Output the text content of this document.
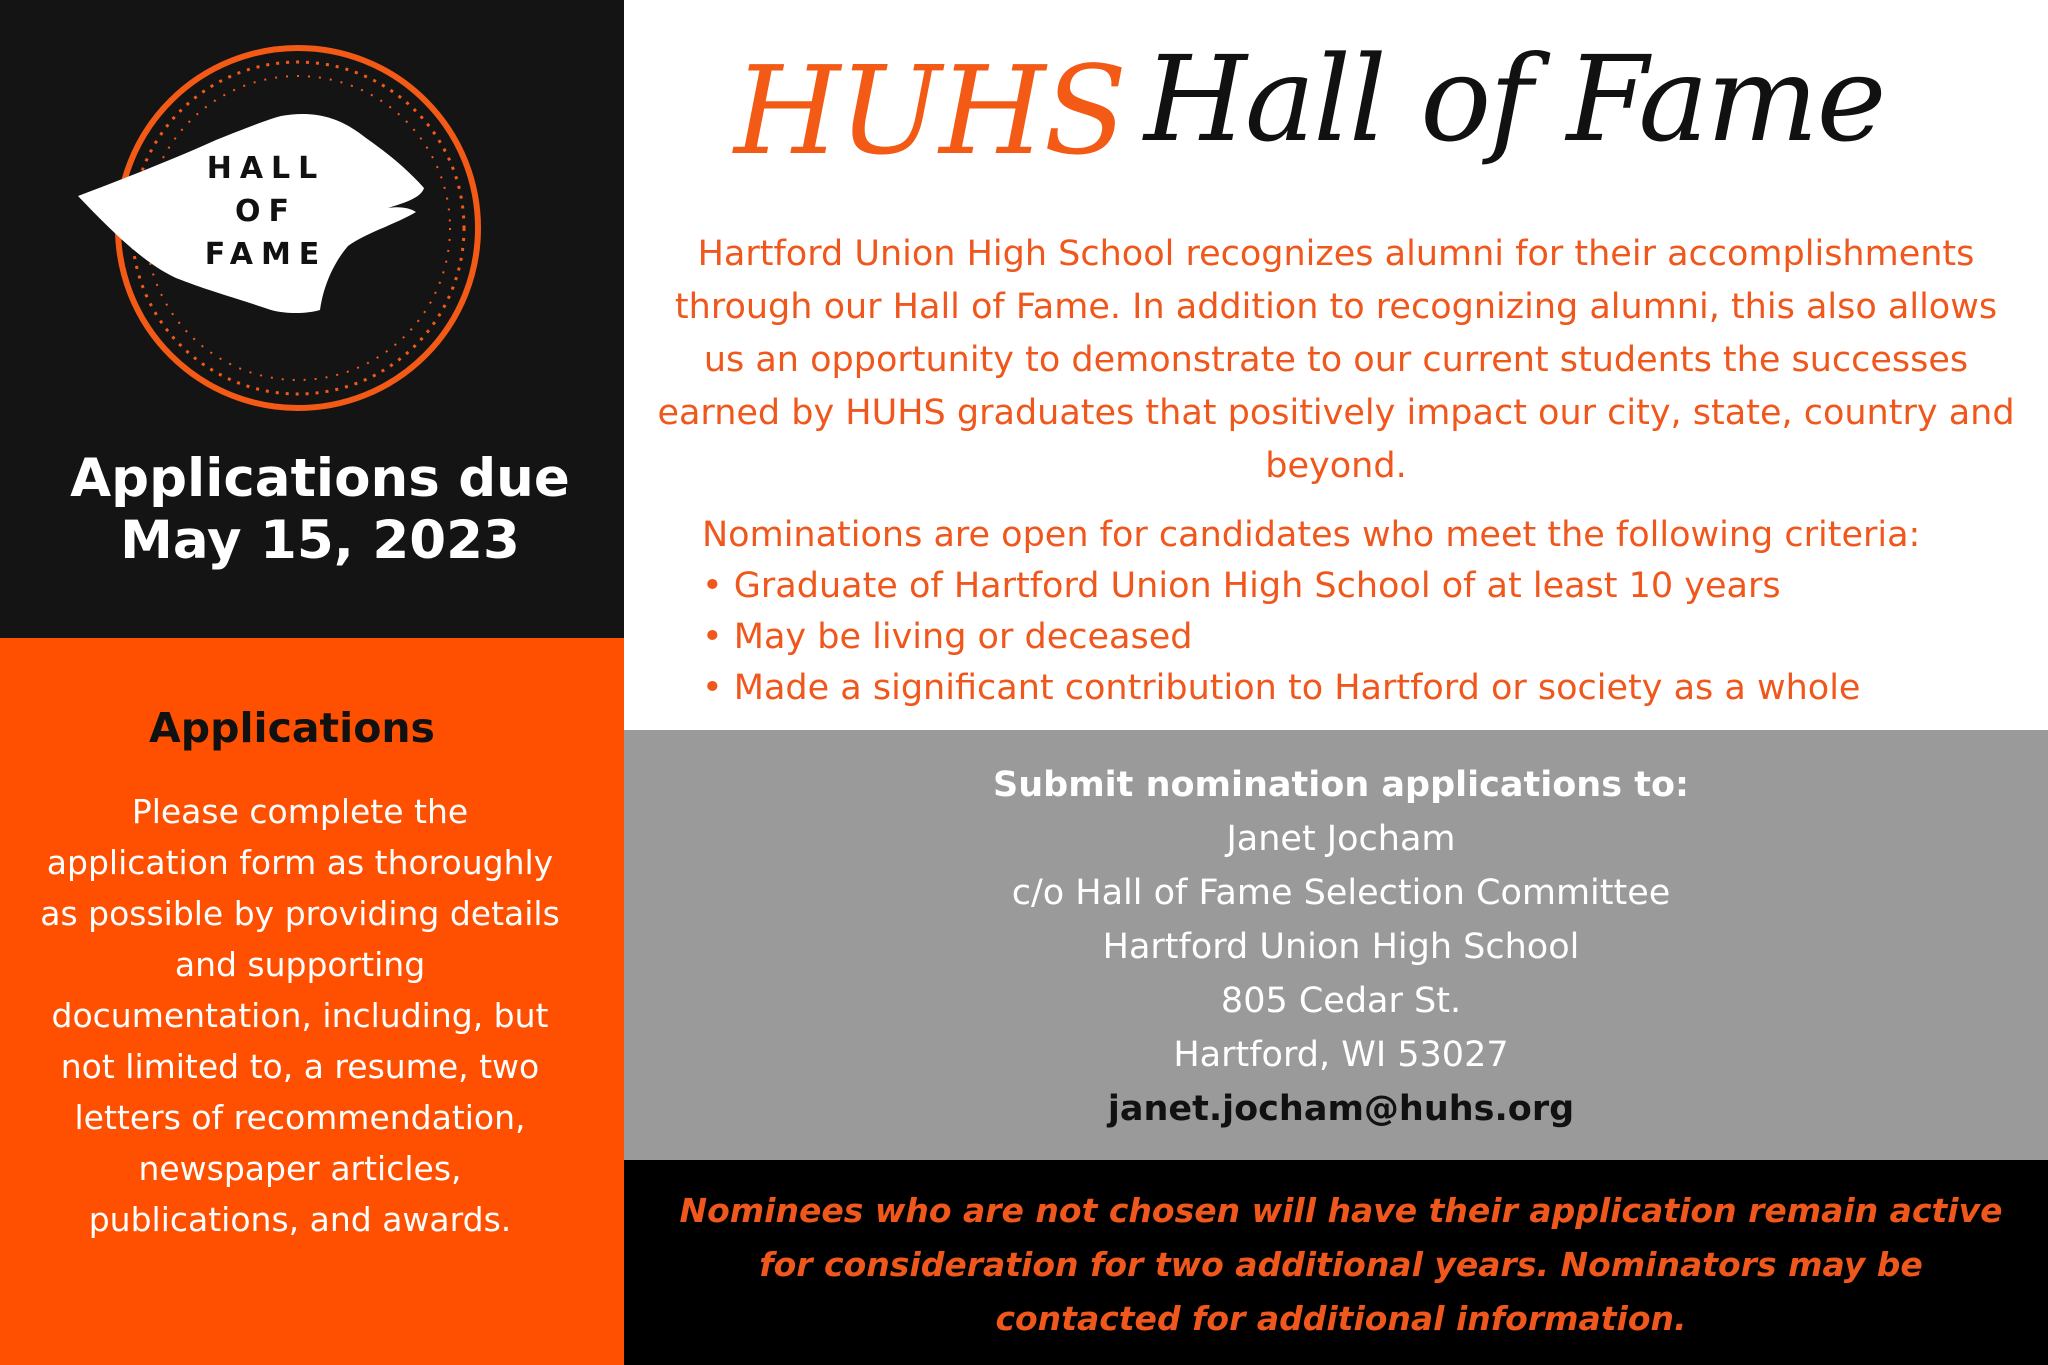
HALL
OF
FAME
Applications due
May 15, 2023
Applications
Please complete the application form as thoroughly as possible by providing details and supporting documentation, including, but not limited to, a resume, two letters of recommendation, newspaper articles, publications, and awards.
HUHS Hall of Fame
Hartford Union High School recognizes alumni for their accomplishments through our Hall of Fame. In addition to recognizing alumni, this also allows us an opportunity to demonstrate to our current students the successes earned by HUHS graduates that positively impact our city, state, country and beyond.
Nominations are open for candidates who meet the following criteria:
• Graduate of Hartford Union High School of at least 10 years
• May be living or deceased
• Made a significant contribution to Hartford or society as a whole
Submit nomination applications to:
Janet Jocham
c/o Hall of Fame Selection Committee
Hartford Union High School
805 Cedar St.
Hartford, WI 53027
janet.jocham@huhs.org
Nominees who are not chosen will have their application remain active for consideration for two additional years. Nominators may be contacted for additional information.
